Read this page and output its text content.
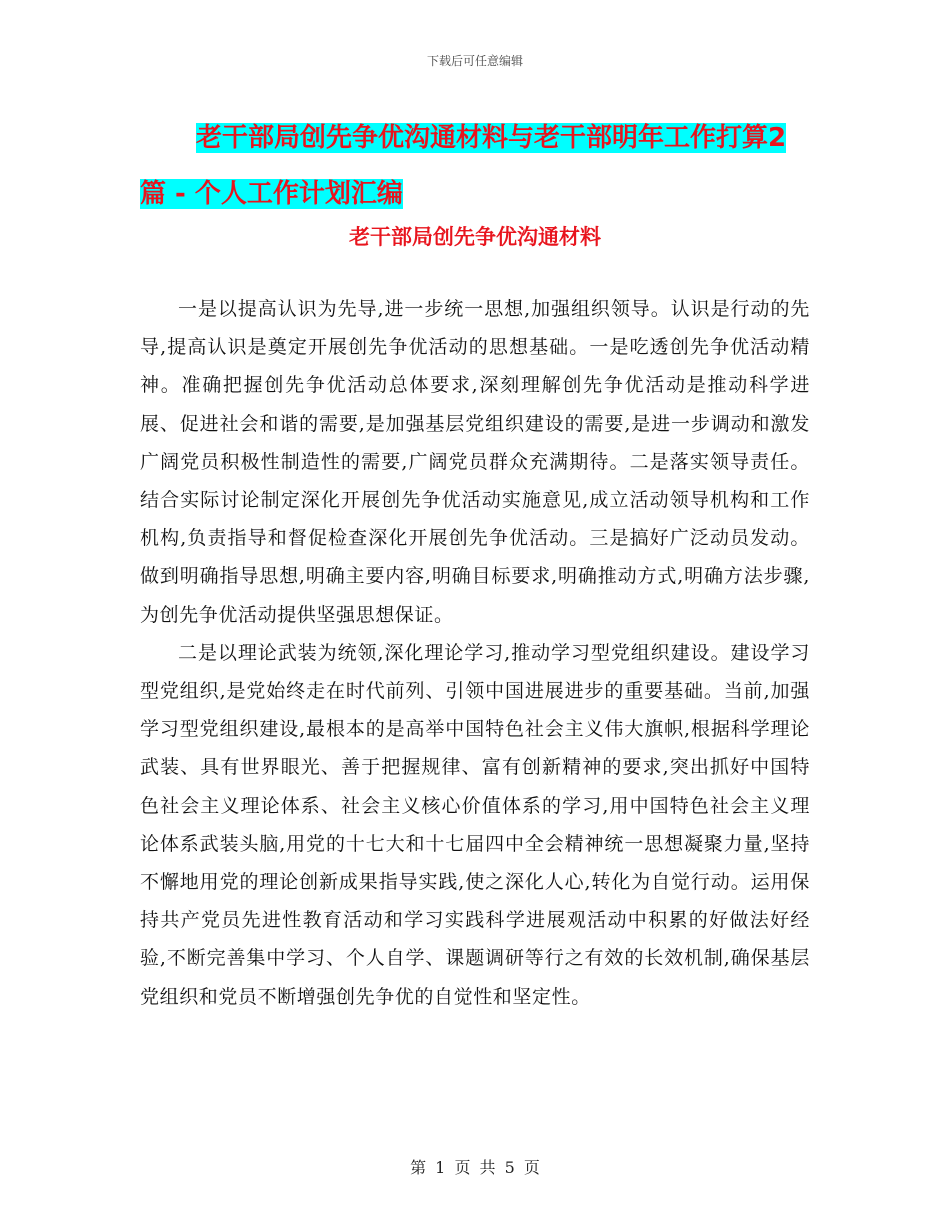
下载后可任意编辑
老干部局创先争优沟通材料与老干部明年工作打算2
篇 - 个人工作计划汇编
老干部局创先争优沟通材料

一是以提高认识为先导,进一步统一思想,加强组织领导。认识是行动的先导,提高认识是奠定开展创先争优活动的思想基础。一是吃透创先争优活动精神。准确把握创先争优活动总体要求,深刻理解创先争优活动是推动科学进展、促进社会和谐的需要,是加强基层党组织建设的需要,是进一步调动和激发广阔党员积极性制造性的需要,广阔党员群众充满期待。二是落实领导责任。结合实际讨论制定深化开展创先争优活动实施意见,成立活动领导机构和工作机构,负责指导和督促检查深化开展创先争优活动。三是搞好广泛动员发动。做到明确指导思想,明确主要内容,明确目标要求,明确推动方式,明确方法步骤,为创先争优活动提供坚强思想保证。

二是以理论武装为统领,深化理论学习,推动学习型党组织建设。建设学习型党组织,是党始终走在时代前列、引领中国进展进步的重要基础。当前,加强学习型党组织建设,最根本的是高举中国特色社会主义伟大旗帜,根据科学理论武装、具有世界眼光、善于把握规律、富有创新精神的要求,突出抓好中国特色社会主义理论体系、社会主义核心价值体系的学习,用中国特色社会主义理论体系武装头脑,用党的十七大和十七届四中全会精神统一思想凝聚力量,坚持不懈地用党的理论创新成果指导实践,使之深化人心,转化为自觉行动。运用保持共产党员先进性教育活动和学习实践科学进展观活动中积累的好做法好经验,不断完善集中学习、个人自学、课题调研等行之有效的长效机制,确保基层党组织和党员不断增强创先争优的自觉性和坚定性。

第 1 页 共 5 页
